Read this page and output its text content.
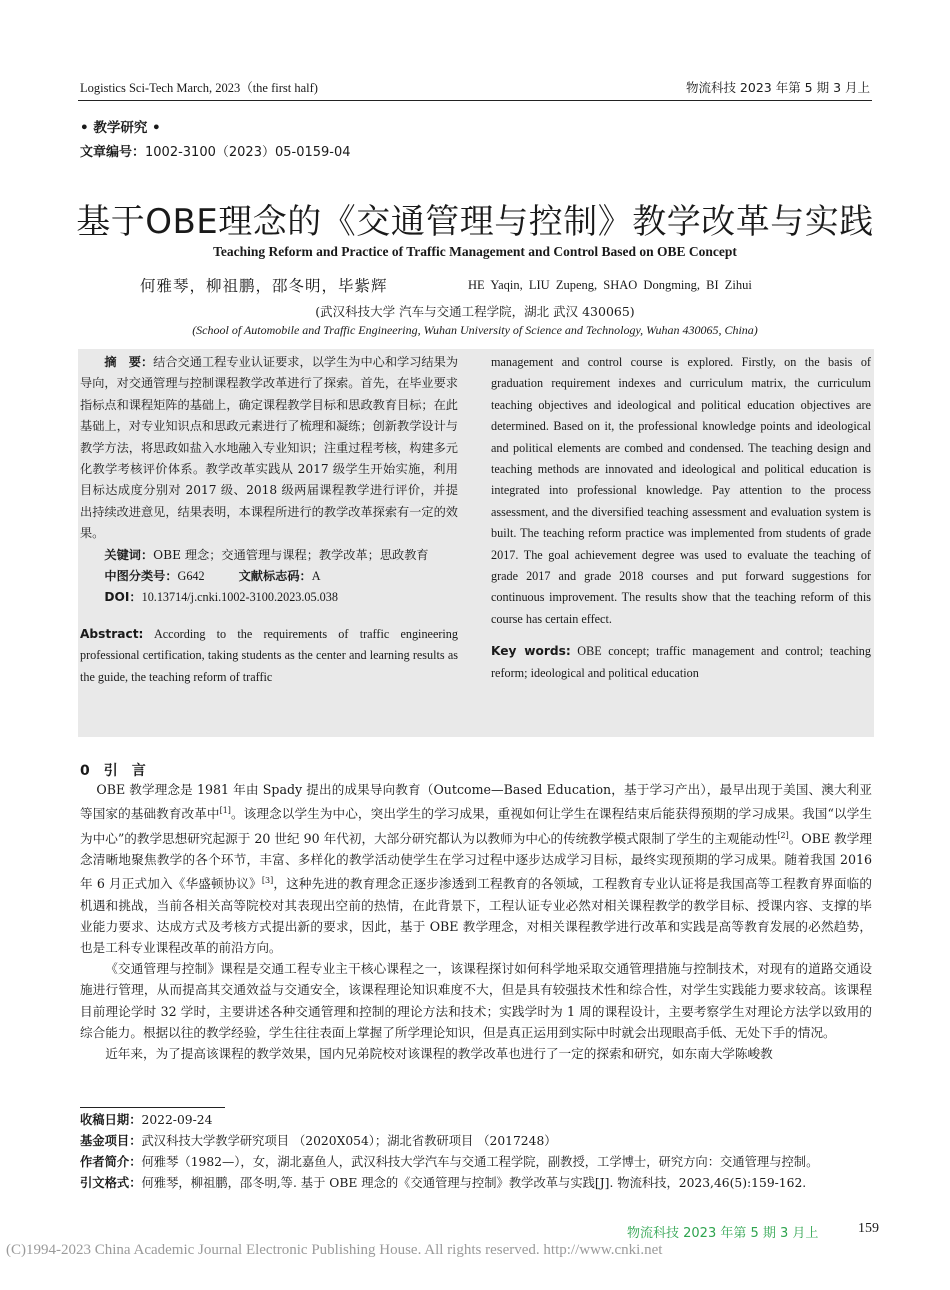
Logistics Sci-Tech March, 2023（the first half)	物流科技 2023 年第 5 期 3 月上
• 教学研究 •
文章编号：1002-3100（2023）05-0159-04
基于OBE理念的《交通管理与控制》教学改革与实践
Teaching Reform and Practice of Traffic Management and Control Based on OBE Concept
何雅琴，柳祖鹏，邵冬明，毕紫辉	HE Yaqin, LIU Zupeng, SHAO Dongming, BI Zihui
(武汉科技大学 汽车与交通工程学院，湖北 武汉 430065)
(School of Automobile and Traffic Engineering, Wuhan University of Science and Technology, Wuhan 430065, China)

摘　要：结合交通工程专业认证要求，以学生为中心和学习结果为导向，对交通管理与控制课程教学改革进行了探索。首先，在毕业要求指标点和课程矩阵的基础上，确定课程教学目标和思政教育目标；在此基础上，对专业知识点和思政元素进行了梳理和凝练；创新教学设计与教学方法，将思政如盐入水地融入专业知识；注重过程考核，构建多元化教学考核评价体系。教学改革实践从 2017 级学生开始实施，利用目标达成度分别对 2017 级、2018 级两届课程教学进行评价，并提出持续改进意见，结果表明，本课程所进行的教学改革探索有一定的效果。

关键词：OBE 理念；交通管理与课程；教学改革；思政教育

中图分类号：G642	文献标志码：A

DOI：10.13714/j.cnki.1002-3100.2023.05.038

Abstract: According to the requirements of traffic engineering professional certification, taking students as the center and learning results as the guide, the teaching reform of traffic

management and control course is explored. Firstly, on the basis of graduation requirement indexes and curriculum matrix, the curriculum teaching objectives and ideological and political education objectives are determined. Based on it, the professional knowledge points and ideological and political elements are combed and condensed. The teaching design and teaching methods are innovated and ideological and political education is integrated into professional knowledge. Pay attention to the process assessment, and the diversified teaching assessment and evaluation system is built. The teaching reform practice was implemented from students of grade 2017. The goal achievement degree was used to evaluate the teaching of grade 2017 and grade 2018 courses and put forward suggestions for continuous improvement. The results show that the teaching reform of this course has certain effect.

Key words: OBE concept; traffic management and control; teaching reform; ideological and political education

0　 引　言

OBE 教学理念是 1981 年由 Spady 提出的成果导向教育（Outcome—Based Education，基于学习产出），最早出现于美国、澳大利亚等国家的基础教育改革中[1]。该理念以学生为中心，突出学生的学习成果，重视如何让学生在课程结束后能获得预期的学习成果。我国“以学生为中心”的教学思想研究起源于 20 世纪 90 年代初，大部分研究都认为以教师为中心的传统教学模式限制了学生的主观能动性[2]。OBE 教学理念清晰地聚焦教学的各个环节，丰富、多样化的教学活动使学生在学习过程中逐步达成学习目标，最终实现预期的学习成果。随着我国 2016 年 6 月正式加入《华盛顿协议》[3]，这种先进的教育理念正逐步渗透到工程教育的各领域，工程教育专业认证将是我国高等工程教育界面临的机遇和挑战，当前各相关高等院校对其表现出空前的热情，在此背景下，工程认证专业必然对相关课程教学的教学目标、授课内容、支撑的毕业能力要求、达成方式及考核方式提出新的要求，因此，基于 OBE 教学理念，对相关课程教学进行改革和实践是高等教育发展的必然趋势，也是工科专业课程改革的前沿方向。

《交通管理与控制》课程是交通工程专业主干核心课程之一，该课程探讨如何科学地采取交通管理措施与控制技术，对现有的道路交通设施进行管理，从而提高其交通效益与交通安全，该课程理论知识难度不大，但是具有较强技术性和综合性，对学生实践能力要求较高。该课程目前理论学时 32 学时，主要讲述各种交通管理和控制的理论方法和技术；实践学时为 1 周的课程设计，主要考察学生对理论方法学以致用的综合能力。根据以往的教学经验，学生往往表面上掌握了所学理论知识，但是真正运用到实际中时就会出现眼高手低、无处下手的情况。

近年来，为了提高该课程的教学效果，国内兄弟院校对该课程的教学改革也进行了一定的探索和研究，如东南大学陈峻教

收稿日期：2022-09-24

基金项目：武汉科技大学教学研究项目 （2020X054）；湖北省教研项目 （2017248）

作者简介：何雅琴（1982—），女，湖北嘉鱼人，武汉科技大学汽车与交通工程学院，副教授，工学博士，研究方向：交通管理与控制。

引文格式：何雅琴，柳祖鹏，邵冬明,等. 基于 OBE 理念的《交通管理与控制》教学改革与实践[J]. 物流科技，2023,46(5):159-162.

物流科技 2023 年第 5 期 3 月上	159
(C)1994-2023 China Academic Journal Electronic Publishing House. All rights reserved. http://www.cnki.net
